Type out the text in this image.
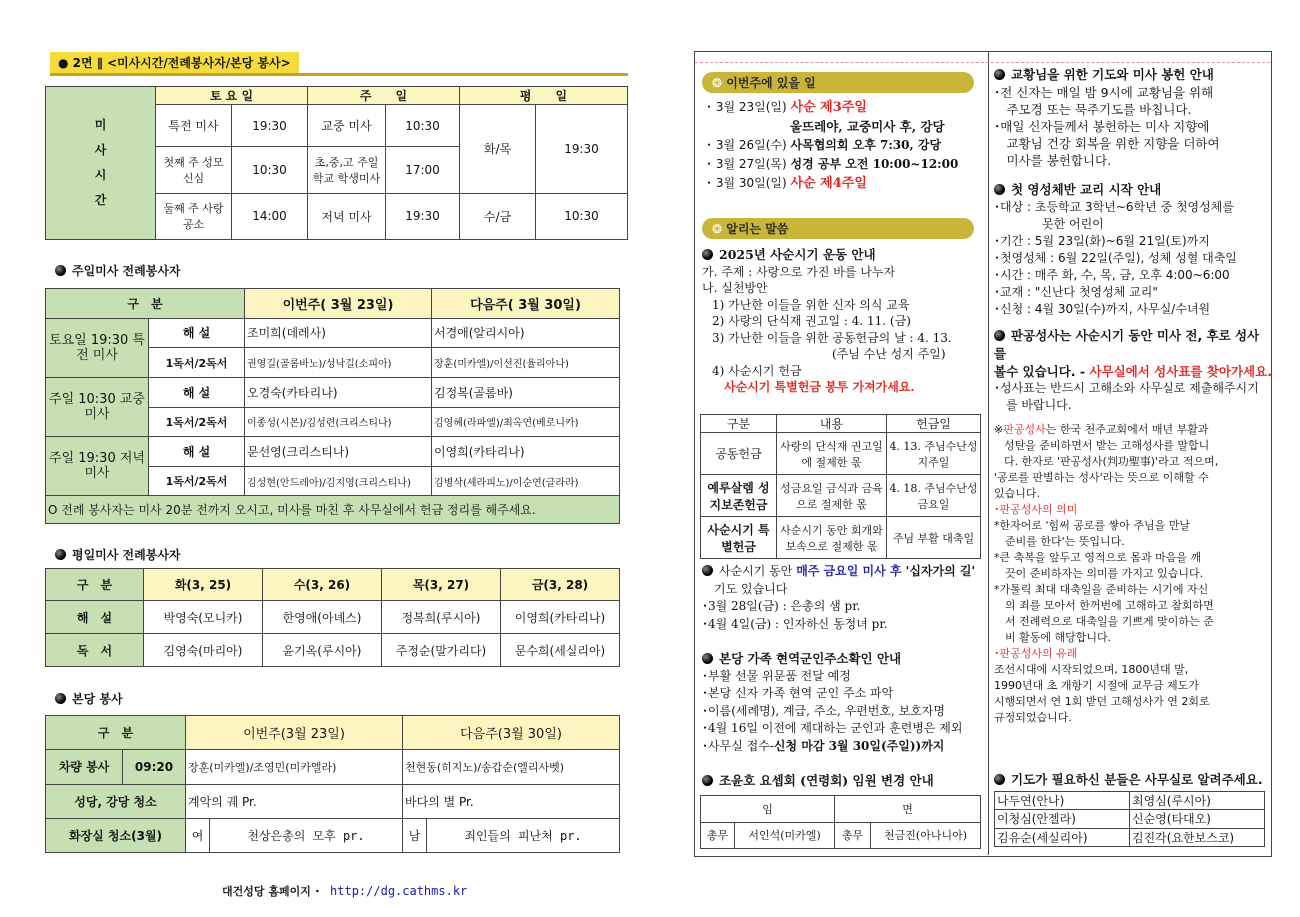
● 2면 ∥ <미사시간/전례봉사자/본당 봉사>
미
사
시
간	토 요 일		주　　일		평　　일	
	특전 미사	19:30	교중 미사	10:30	화/목	19:30
	첫째 주 성모 신심	10:30	초,중,고 주일학교 학생미사	17:00		
	둘째 주 사랑 공소	14:00	저녁 미사	19:30	수/금	10:30
주일미사 전례봉사자
구　분		이번주( 3월 23일)	다음주( 3월 30일)
토요일 19:30 특전 미사	해 설	조미희(데레사)	서경애(알리시아)
	1독서/2독서	권영길(골롬바노)/성낙길(소피아)	장훈(미카엘)/이선진(율리아나)
주일 10:30 교중 미사	해 설	오경숙(카타리나)	김정복(골롬바)
	1독서/2독서	이종성(시몬)/김성련(크리스티나)	김영혜(라파엘)/최옥연(베로니카)
주일 19:30 저녁 미사	해 설	문선영(크리스티나)	이영희(카타리나)
	1독서/2독서	김성현(안드레아)/김지영(크리스티나)	김병삭(세라피노)/이순연(글라라)
O 전례 봉사자는 미사 20분 전까지 오시고, 미사를 마친 후 사무실에서 헌금 정리를 해주세요.			
평일미사 전례봉사자
구　분	화(3, 25)	수(3, 26)	목(3, 27)	금(3, 28)
해　설	박영숙(모니카)	한영애(아녜스)	정복희(루시아)	이영희(카타리나)
독　서	김영숙(마리아)	윤기옥(루시아)	주정순(말가리다)	문수희(세실리아)
본당 봉사
구　분		이번주(3월 23일)		다음주(3월 30일)	
차량 봉사	09:20	장훈(미카엘)/조영민(미카엘라)		천현동(히지노)/송갑순(엘리사벳)	
성당, 강당 청소		계악의 궤 Pr.		바다의 별 Pr.	
화장실 청소(3월)		여	천상은총의 모후 pr.	남	죄인들의 피난처 pr.
대건성당 홈페이지 ･ http://dg.cathms.kr
❂ 이번주에 있을 일
･ 3월 23일(일) 사순 제3주일
울뜨레야, 교중미사 후, 강당
･ 3월 26일(수) 사목협의회 오후 7:30, 강당
･ 3월 27일(목) 성경 공부 오전 10:00~12:00
･ 3월 30일(일) 사순 제4주일
❂ 알리는 말씀
2025년 사순시기 운동 안내
가. 주제 : 사랑으로 가진 바를 나누자
나. 실천방안
1) 가난한 이들을 위한 신자 의식 교육
2) 사랑의 단식재 권고일 : 4. 11. (금)
3) 가난한 이들을 위한 공동헌금의 날 : 4. 13.
(주님 수난 성지 주일)
4) 사순시기 헌금
사순시기 특별헌금 봉투 가져가세요.
구분	내용	헌금일
공동헌금	사랑의 단식재 권고일에 절제한 몫	4. 13. 주님수난성지주일
예루살렘 성지보존헌금	성금요일 금식과 금육으로 절제한 몫	4. 18. 주님수난성금요일
사순시기 특별헌금	사순시기 동안 회개와 보속으로 절제한 몫	주님 부활 대축일
사순시기 동안 매주 금요일 미사 후 '십자가의 길'
기도 있습니다
･3월 28일(금) : 은총의 샘 pr.
･4월 4일(금) : 인자하신 동정녀 pr.
본당 가족 현역군인주소확인 안내
･부활 선물 위문품 전달 예정
･본당 신자 가족 현역 군인 주소 파악
･이름(세례명), 계급, 주소, 우편번호, 보호자명
･4월 16일 이전에 제대하는 군인과 훈련병은 제외
･사무실 접수-신청 마감 3월 30일(주일))까지
조윤호 요셉회 (연령회) 임원 변경 안내
임		면	
총무	서인석(미카엘)	총무	천금진(아나니아)
교황님을 위한 기도와 미사 봉헌 안내
･전 신자는 매일 밤 9시에 교황님을 위해
　주모경 또는 묵주기도를 바칩니다.
･매일 신자들께서 봉헌하는 미사 지향에
　교황님 건강 회복을 위한 지향을 더하여
　미사를 봉헌합니다.
첫 영성체반 교리 시작 안내
･대상 : 초등학교 3학년~6학년 중 첫영성체를
　　　　못한 어린이
･기간 : 5월 23일(화)~6월 21일(토)까지
･첫영성체 : 6월 22일(주일), 성체 성혈 대축일
･시간 : 매주 화, 수, 목, 금, 오후 4:00~6:00
･교재 : "신난다 첫영성체 교리"
･신청 : 4월 30일(수)까지, 사무실/수녀원
판공성사는 사순시기 동안 미사 전, 후로 성사를
볼수 있습니다. - 사무실에서 성사표를 찾아가세요.
･성사표는 반드시 고해소와 사무실로 제출해주시기
　를 바랍니다.
※판공성사는 한국 천주교회에서 매년 부활과
성탄을 준비하면서 받는 고해성사를 말합니
다. 한자로 '판공성사(判功聖事)'라고 적으며,
'공로를 판별하는 성사'라는 뜻으로 이해할 수
있습니다.
･판공성사의 의미
*한자어로 '힘써 공로를 쌓아 주님을 만날
　준비를 한다'는 뜻입니다.
*큰 축복을 앞두고 영적으로 몸과 마음을 깨
　끗이 준비하자는 의미를 가지고 있습니다.
*가톨릭 최대 대축일을 준비하는 시기에 자신
　의 죄를 모아서 한꺼번에 고해하고 참회하면
　서 전례력으로 대축일을 기쁘게 맞이하는 준
　비 활동에 해당합니다.
･판공성사의 유래
조선시대에 시작되었으며, 1800년대 말,
1990년대 초 개항기 시절에 교무금 제도가
시행되면서 연 1회 받던 고해성사가 연 2회로
규정되었습니다.
기도가 필요하신 분들은 사무실로 알려주세요.
나두연(안나)	최영심(루시아)
이청심(안젤라)	신순영(타대오)
김유순(세실리아)	김진각(요한보스코)
